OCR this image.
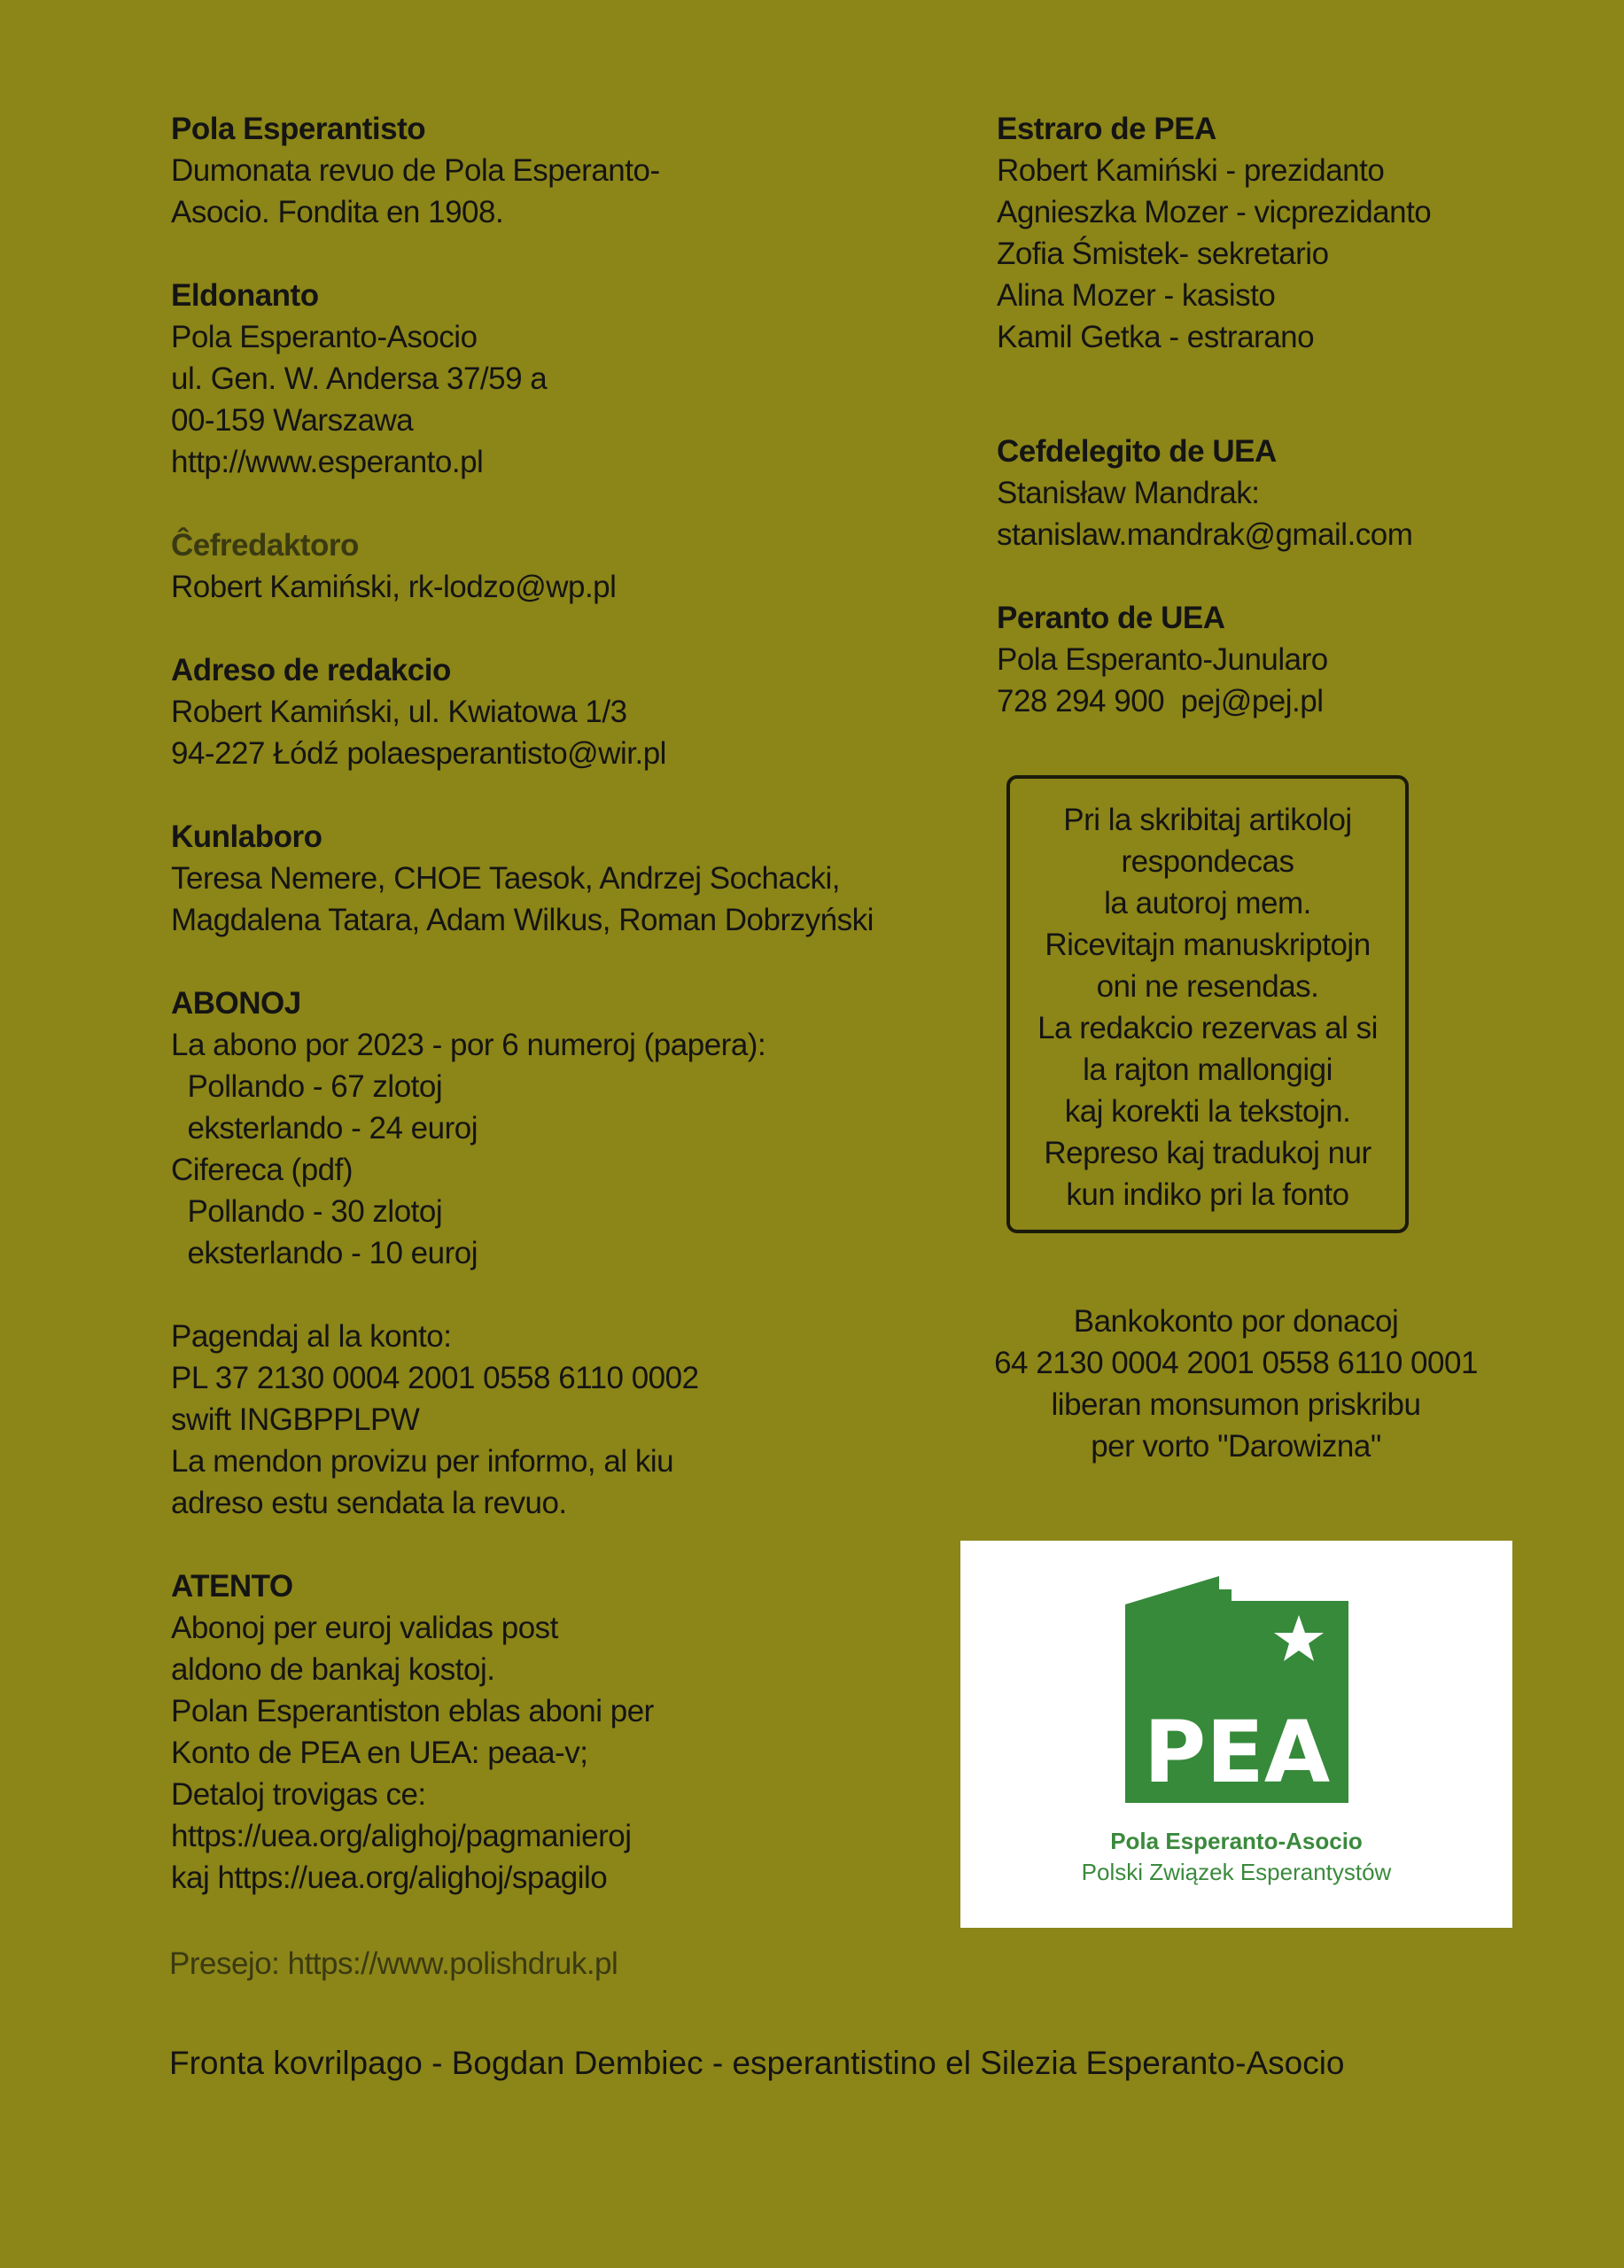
Pola Esperantisto
Dumonata revuo de Pola Esperanto-
Asocio. Fondita en 1908.
Eldonanto
Pola Esperanto-Asocio
ul. Gen. W. Andersa 37/59 a
00-159 Warszawa
http://www.esperanto.pl
Ĉefredaktoro
Robert Kamiński, rk-lodzo@wp.pl
Adreso de redakcio
Robert Kamiński, ul. Kwiatowa 1/3
94-227 Łódź polaesperantisto@wir.pl
Kunlaboro
Teresa Nemere, CHOE Taesok, Andrzej Sochacki,
Magdalena Tatara, Adam Wilkus, Roman Dobrzyński
ABONOJ
La abono por 2023 - por 6 numeroj (papera):
Pollando - 67 zlotoj
eksterlando - 24 euroj
Cifereca (pdf)
Pollando - 30 zlotoj
eksterlando - 10 euroj
Pagendaj al la konto:
PL 37 2130 0004 2001 0558 6110 0002
swift INGBPPLPW
La mendon provizu per informo, al kiu
adreso estu sendata la revuo.
ATENTO
Abonoj per euroj validas post
aldono de bankaj kostoj.
Polan Esperantiston eblas aboni per
Konto de PEA en UEA: peaa-v;
Detaloj trovigas ce:
https://uea.org/alighoj/pagmanieroj
kaj https://uea.org/alighoj/spagilo
Estraro de PEA
Robert Kamiński - prezidanto
Agnieszka Mozer - vicprezidanto
Zofia Śmistek- sekretario
Alina Mozer - kasisto
Kamil Getka - estrarano
Cefdelegito de UEA
Stanisław Mandrak:
stanislaw.mandrak@gmail.com
Peranto de UEA
Pola Esperanto-Junularo
728 294 900  pej@pej.pl
Pri la skribitaj artikoloj
respondecas
la autoroj mem.
Ricevitajn manuskriptojn
oni ne resendas.
La redakcio rezervas al si
la rajton mallongigi
kaj korekti la tekstojn.
Represo kaj tradukoj nur
kun indiko pri la fonto
Bankokonto por donacoj
64 2130 0004 2001 0558 6110 0001
liberan monsumon priskribu
per vorto "Darowizna"
PEA
Pola Esperanto-Asocio
Polski Związek Esperantystów
Presejo: https://www.polishdruk.pl
Fronta kovrilpago - Bogdan Dembiec - esperantistino el Silezia Esperanto-Asocio
